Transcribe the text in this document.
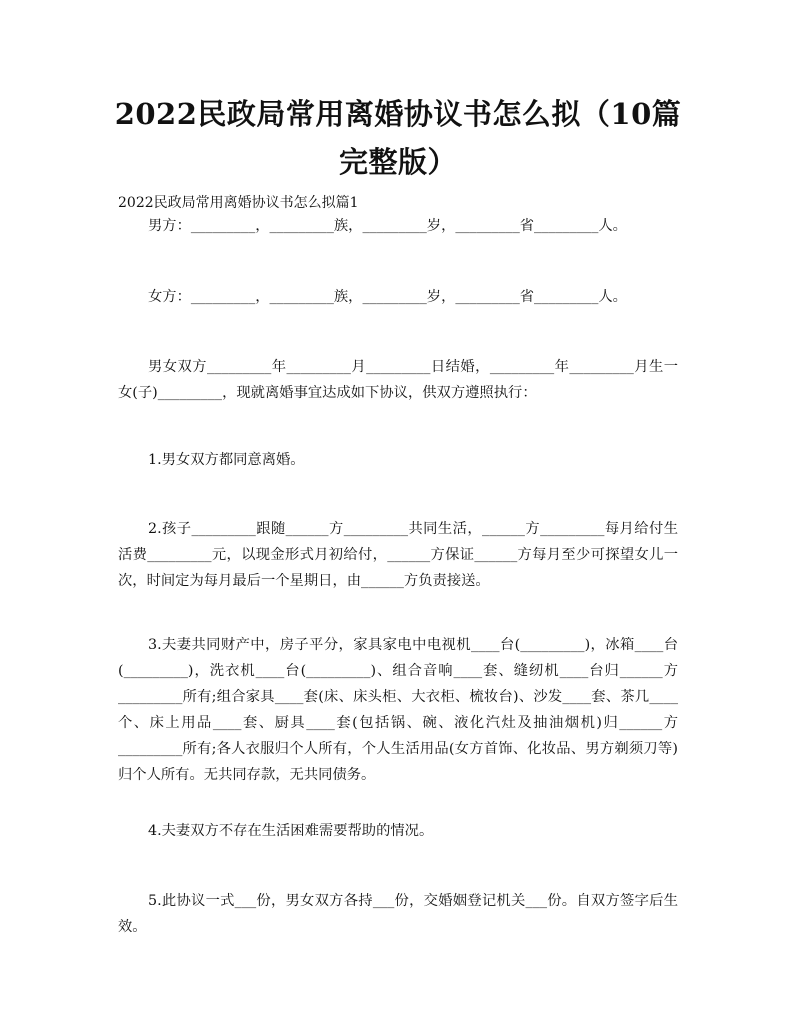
2022民政局常用离婚协议书怎么拟（10篇完整版）
2022民政局常用离婚协议书怎么拟篇1
男方：_________，_________族，_________岁，_________省_________人。
女方：_________，_________族，_________岁，_________省_________人。
男女双方_________年_________月_________日结婚，_________年_________月生一女(子)_________，现就离婚事宜达成如下协议，供双方遵照执行：
1.男女双方都同意离婚。
2.孩子_________跟随______方_________共同生活，______方_________每月给付生活费_________元，以现金形式月初给付，______方保证______方每月至少可探望女儿一次，时间定为每月最后一个星期日，由______方负责接送。
3.夫妻共同财产中，房子平分，家具家电中电视机____台(_________)，冰箱____台(_________)，洗衣机____台(_________)、组合音响____套、缝纫机____台归______方_________所有;组合家具____套(床、床头柜、大衣柜、梳妆台)、沙发____套、茶几____个、床上用品____套、厨具____套(包括锅、碗、液化汽灶及抽油烟机)归______方_________所有;各人衣服归个人所有，个人生活用品(女方首饰、化妆品、男方剃须刀等)归个人所有。无共同存款，无共同债务。
4.夫妻双方不存在生活困难需要帮助的情况。
5.此协议一式___份，男女双方各持___份，交婚姻登记机关___份。自双方签字后生效。
